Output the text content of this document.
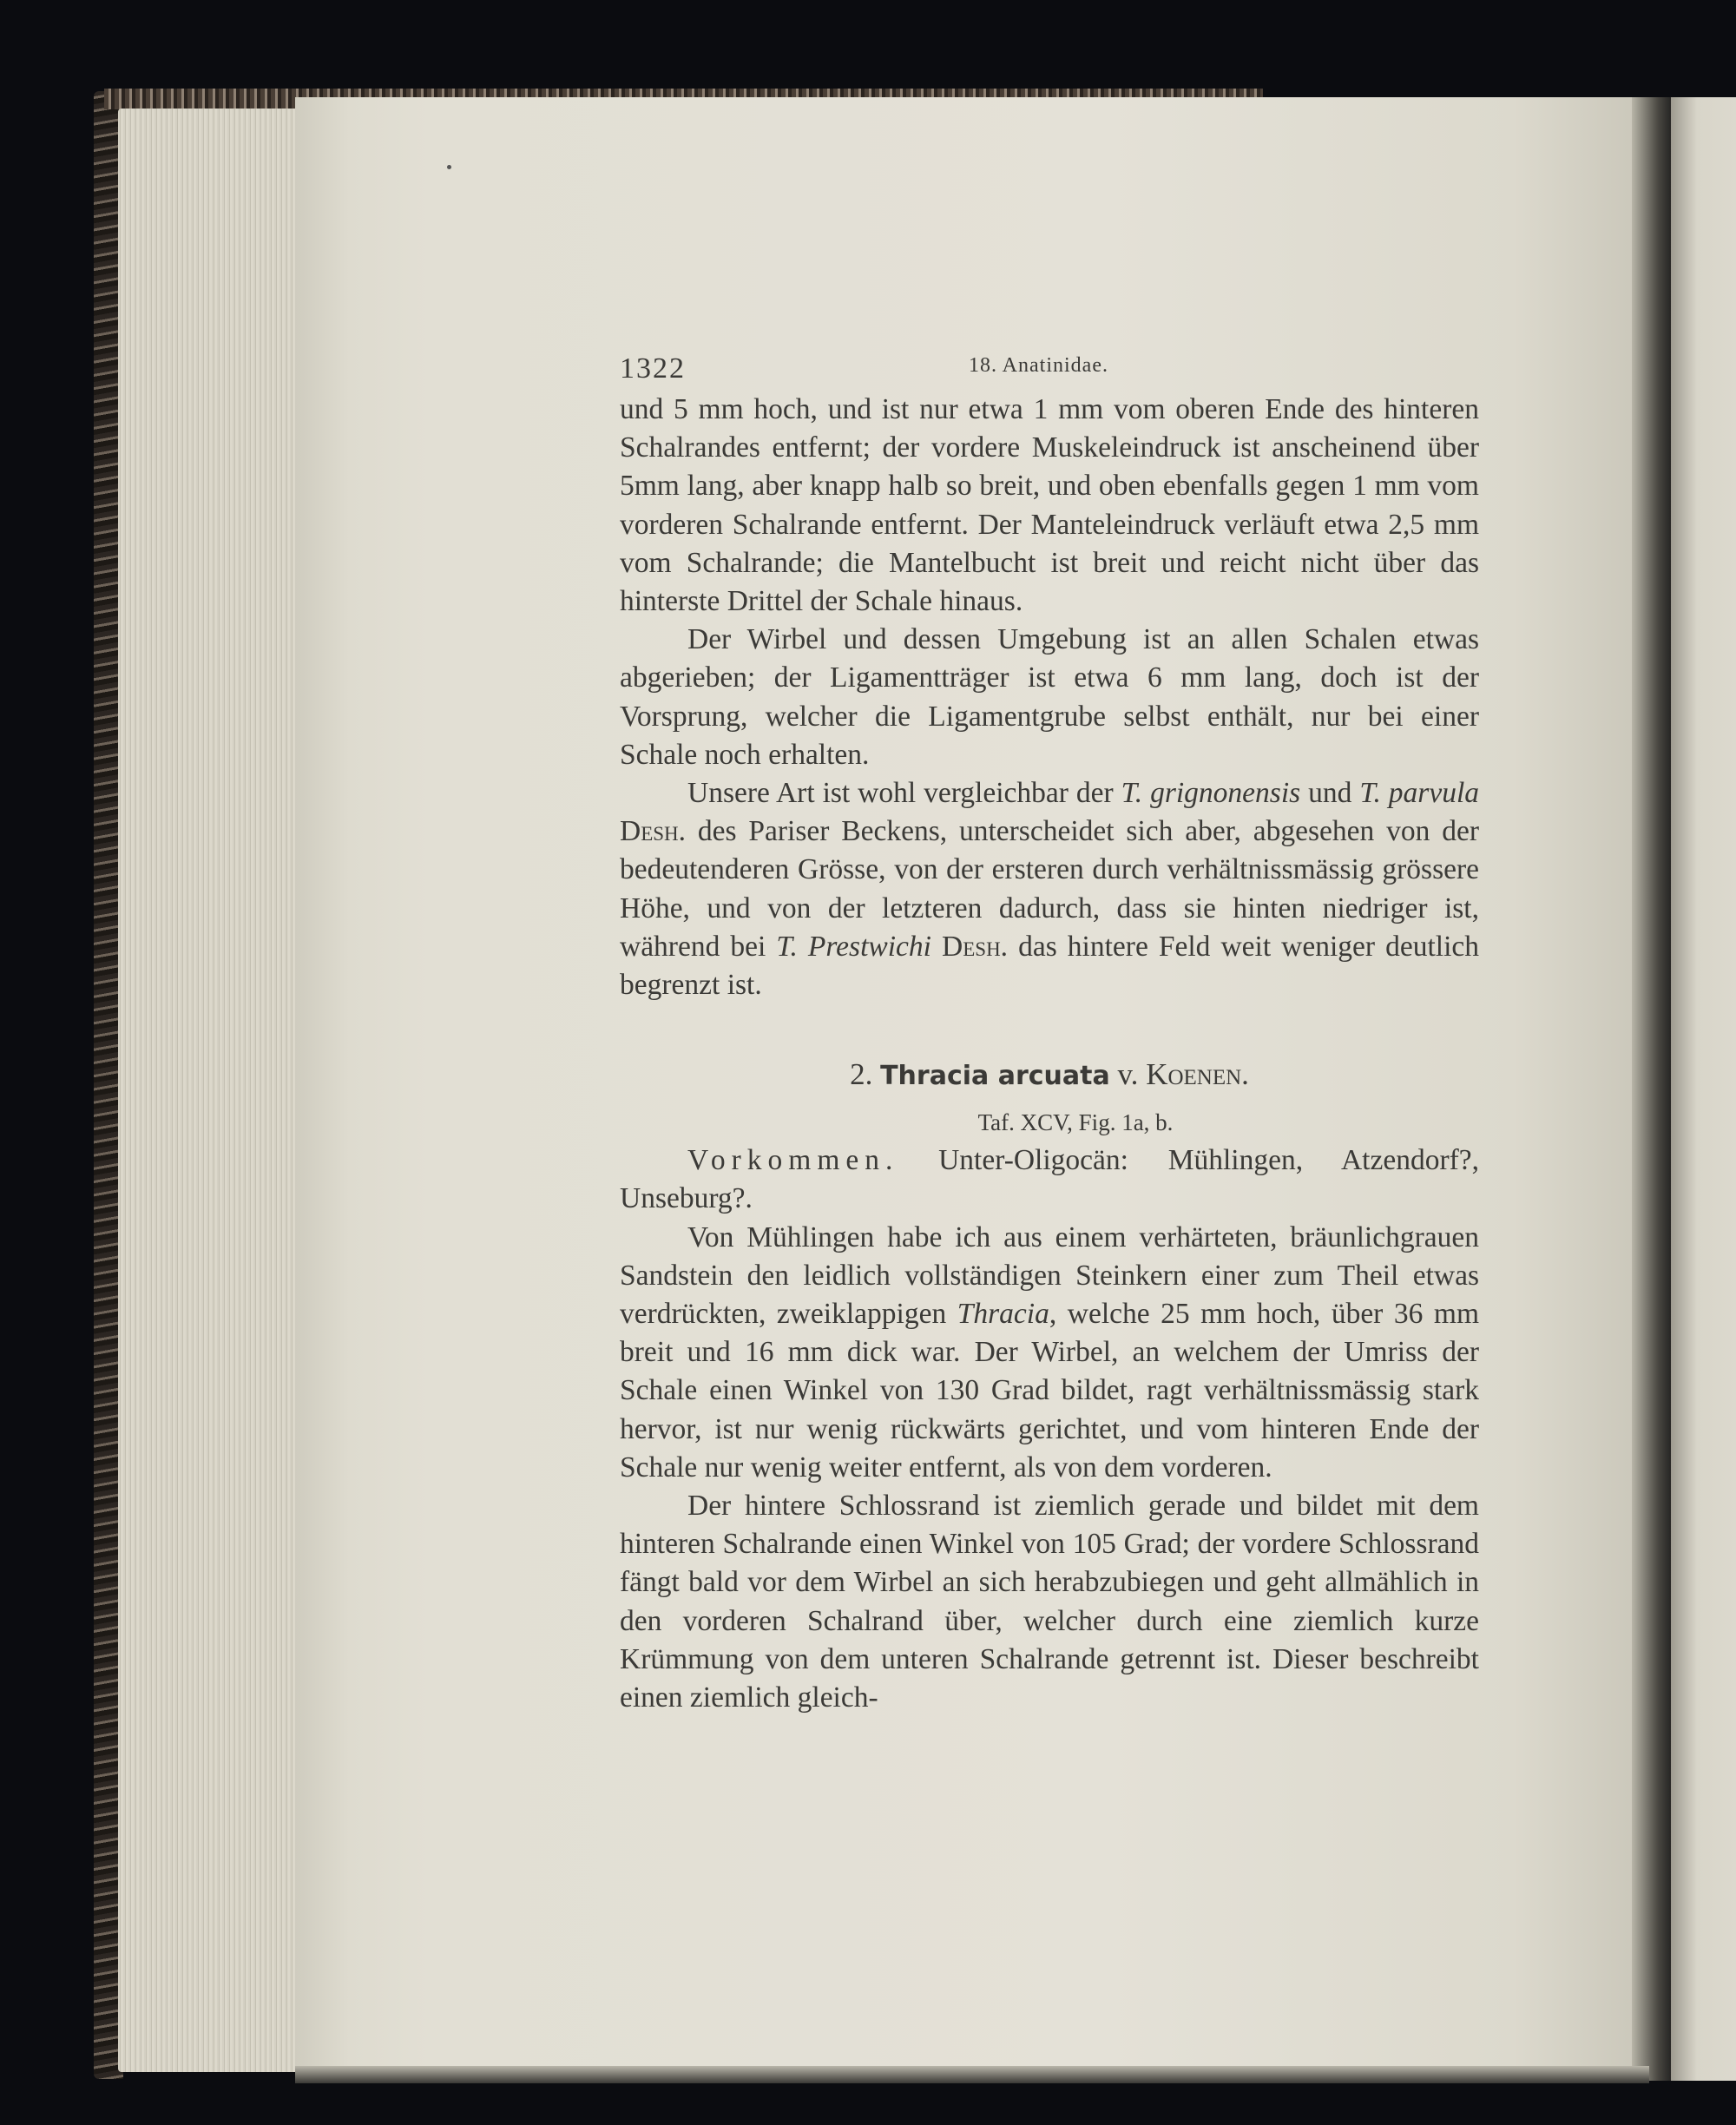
1322	18. Anatinidae.

und 5 mm hoch, und ist nur etwa 1 mm vom oberen Ende des hinteren Schalrandes entfernt; der vordere Muskeleindruck ist anscheinend über 5mm lang, aber knapp halb so breit, und oben ebenfalls gegen 1 mm vom vorderen Schalrande entfernt. Der Manteleindruck verläuft etwa 2,5 mm vom Schalrande; die Mantelbucht ist breit und reicht nicht über das hinterste Drittel der Schale hinaus.

Der Wirbel und dessen Umgebung ist an allen Schalen etwas abgerieben; der Ligamentträger ist etwa 6 mm lang, doch ist der Vorsprung, welcher die Ligamentgrube selbst enthält, nur bei einer Schale noch erhalten.

Unsere Art ist wohl vergleichbar der T. grignonensis und T. parvula Desh. des Pariser Beckens, unterscheidet sich aber, abgesehen von der bedeutenderen Grösse, von der ersteren durch verhältnissmässig grössere Höhe, und von der letzteren dadurch, dass sie hinten niedriger ist, während bei T. Prestwichi Desh. das hintere Feld weit weniger deutlich begrenzt ist.

2. Thracia arcuata v. Koenen.
Taf. XCV, Fig. 1a, b.

Vorkommen. Unter-Oligocän: Mühlingen, Atzendorf?, Unseburg?.

Von Mühlingen habe ich aus einem verhärteten, bräunlichgrauen Sandstein den leidlich vollständigen Steinkern einer zum Theil etwas verdrückten, zweiklappigen Thracia, welche 25 mm hoch, über 36 mm breit und 16 mm dick war. Der Wirbel, an welchem der Umriss der Schale einen Winkel von 130 Grad bildet, ragt verhältnissmässig stark hervor, ist nur wenig rückwärts gerichtet, und vom hinteren Ende der Schale nur wenig weiter entfernt, als von dem vorderen.

Der hintere Schlossrand ist ziemlich gerade und bildet mit dem hinteren Schalrande einen Winkel von 105 Grad; der vordere Schlossrand fängt bald vor dem Wirbel an sich herabzubiegen und geht allmählich in den vorderen Schalrand über, welcher durch eine ziemlich kurze Krümmung von dem unteren Schalrande getrennt ist. Dieser beschreibt einen ziemlich gleich-
